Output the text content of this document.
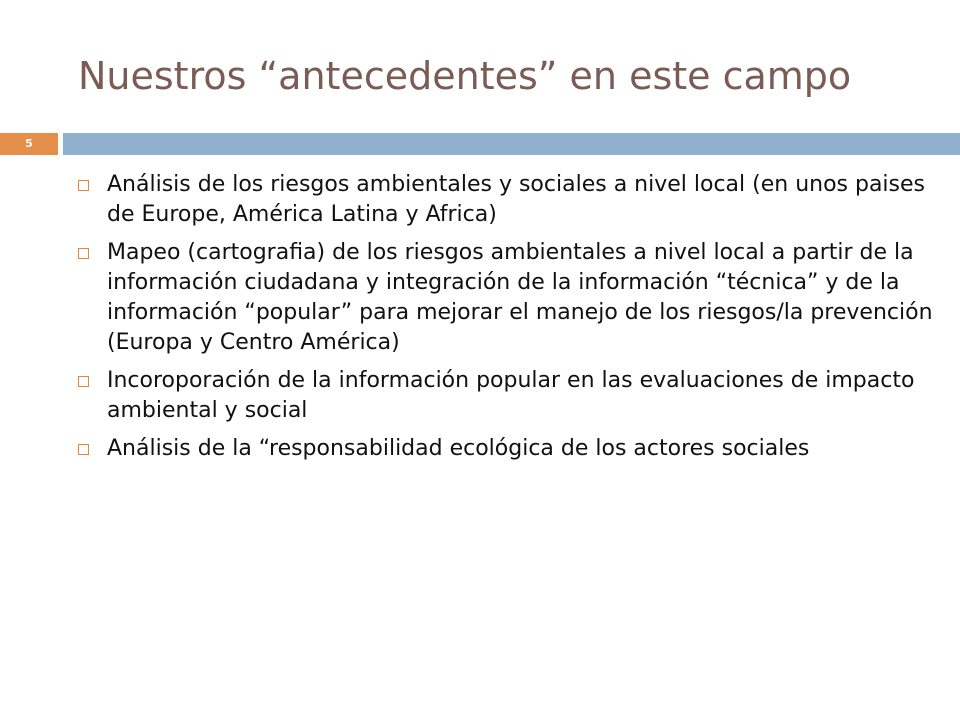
Nuestros “antecedentes” en este campo
5
Análisis de los riesgos ambientales y sociales a nivel local (en unos paises de Europe, América Latina y Africa)
Mapeo (cartografia) de los riesgos ambientales a nivel local a partir de la información ciudadana y integración de la información “técnica” y de la información “popular” para mejorar el manejo de los riesgos/la prevención (Europa y Centro América)
Incoroporación de la información popular en las evaluaciones de impacto ambiental y social
Análisis de la “responsabilidad ecológica de los actores sociales
